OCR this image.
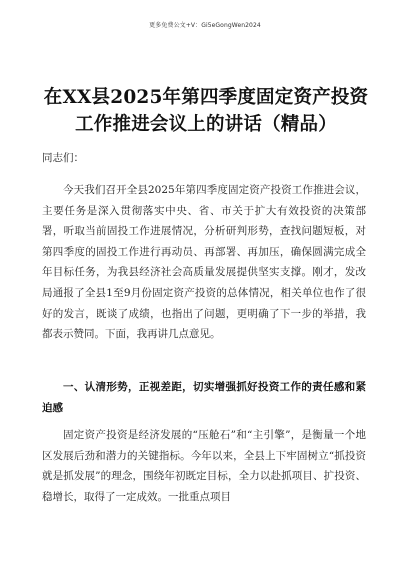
更多免费公文+V：Gi5eGongWen2024
在XX县2025年第四季度固定资产投资工作推进会议上的讲话（精品）
同志们：

今天我们召开全县2025年第四季度固定资产投资工作推进会议，主要任务是深入贯彻落实中央、省、市关于扩大有效投资的决策部署，听取当前固投工作进展情况，分析研判形势，查找问题短板，对第四季度的固投工作进行再动员、再部署、再加压，确保圆满完成全年目标任务，为我县经济社会高质量发展提供坚实支撑。刚才，发改局通报了全县1至9月份固定资产投资的总体情况，相关单位也作了很好的发言，既谈了成绩，也指出了问题，更明确了下一步的举措，我都表示赞同。下面，我再讲几点意见。

一、认清形势，正视差距，切实增强抓好投资工作的责任感和紧迫感

固定资产投资是经济发展的“压舱石”和“主引擎”，是衡量一个地区发展后劲和潜力的关键指标。今年以来，全县上下牢固树立“抓投资就是抓发展”的理念，围绕年初既定目标，全力以赴抓项目、扩投资、稳增长，取得了一定成效。一批重点项目
